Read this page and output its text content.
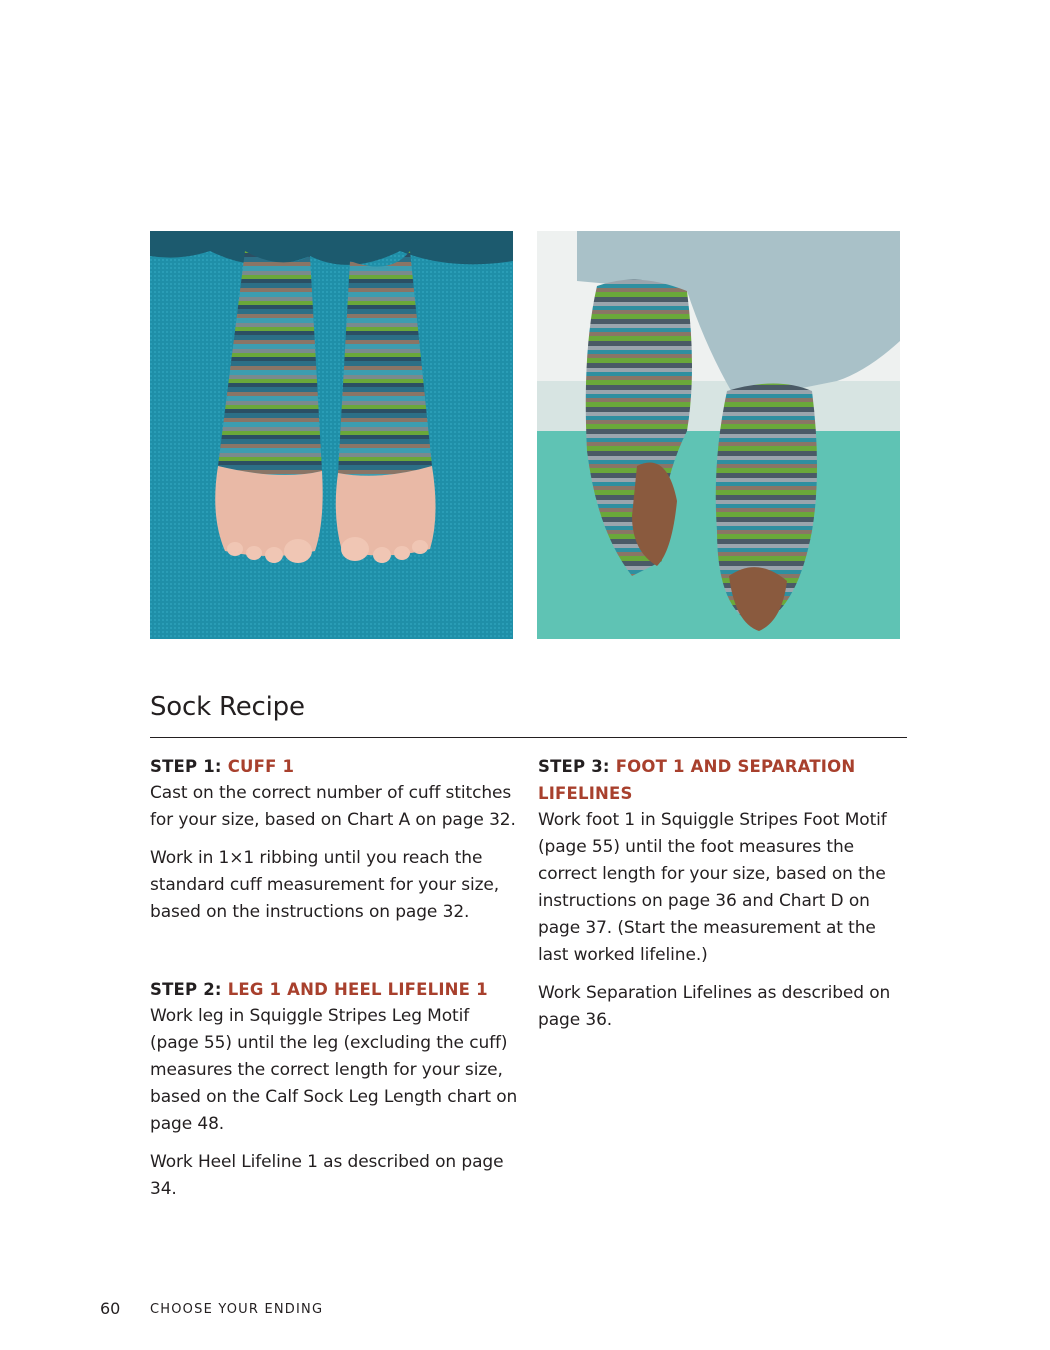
Sock Recipe

STEP 1: CUFF 1

Cast on the correct number of cuff stitches for your size, based on Chart A on page 32.

Work in 1×1 ribbing until you reach the standard cuff measurement for your size, based on the instructions on page 32.

STEP 2: LEG 1 AND HEEL LIFELINE 1

Work leg in Squiggle Stripes Leg Motif (page 55) until the leg (excluding the cuff) measures the correct length for your size, based on the Calf Sock Leg Length chart on page 48.

Work Heel Lifeline 1 as described on page 34.

STEP 3: FOOT 1 AND SEPARATION LIFELINES

Work foot 1 in Squiggle Stripes Foot Motif (page 55) until the foot measures the correct length for your size, based on the instructions on page 36 and Chart D on page 37. (Start the measurement at the last worked lifeline.)

Work Separation Lifelines as described on page 36.

60 CHOOSE YOUR ENDING
